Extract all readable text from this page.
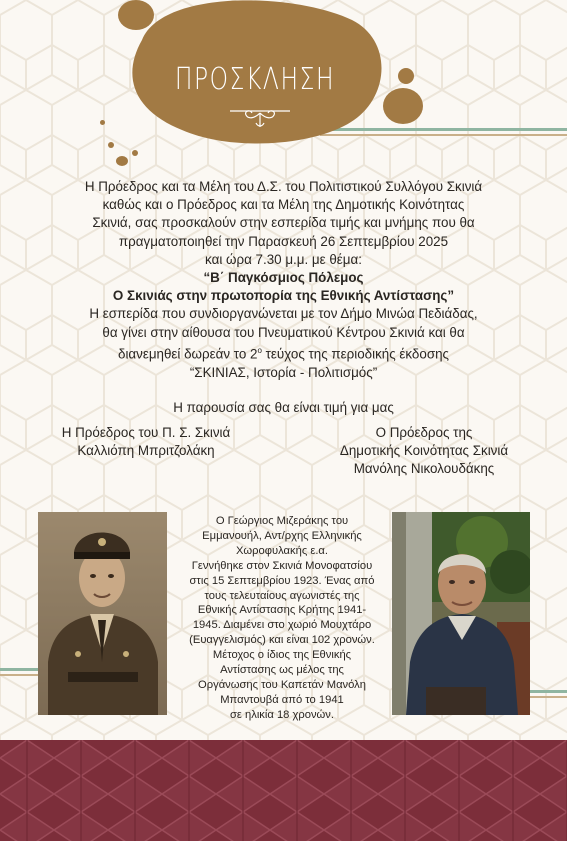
ΠΡΟΣΚΛΗΣΗ

Η Πρόεδρος και τα Μέλη του Δ.Σ. του Πολιτιστικού Συλλόγου Σκινιά

καθώς και ο Πρόεδρος και τα Μέλη της Δημοτικής Κοινότητας

Σκινιά, σας προσκαλούν στην εσπερίδα τιμής και μνήμης που θα

πραγματοποιηθεί την Παρασκευή 26 Σεπτεμβρίου 2025

και ώρα 7.30 μ.μ. με θέμα:

“Β΄ Παγκόσμιος Πόλεμος

Ο Σκινιάς στην πρωτοπορία της Εθνικής Αντίστασης”

Η εσπερίδα που συνδιοργανώνεται με τον Δήμο Μινώα Πεδιάδας,

θα γίνει στην αίθουσα του Πνευματικού Κέντρου Σκινιά και θα

διανεμηθεί δωρεάν το $2^o$ τεύχος της περιοδικής έκδοσης

“ΣΚΙΝΙΑΣ, Ιστορία - Πολιτισμός”

Η παρουσία σας θα είναι τιμή για μας

Η Πρόεδρος του Π. Σ. Σκινιά

Καλλιόπη Μπριτζολάκη

Ο Πρόεδρος της

Δημοτικής Κοινότητας Σκινιά

Μανόλης Νικολουδάκης

Ο Γεώργιος Μιζεράκης του

Εμμανουήλ, Αντ/ρχης Ελληνικής

Χωροφυλακής ε.α.

Γεννήθηκε στον Σκινιά Μονοφατσίου

στις 15 Σεπτεμβρίου 1923. Ένας από

τους τελευταίους αγωνιστές της

Εθνικής Αντίστασης Κρήτης 1941-

1945. Διαμένει στο χωριό Μουχτάρο

(Ευαγγελισμός) και είναι 102 χρονών.

Μέτοχος ο ίδιος της Εθνικής

Αντίστασης ως μέλος της

Οργάνωσης του Καπετάν Μανόλη

Μπαντουβά από το 1941

σε ηλικία 18 χρονών.
